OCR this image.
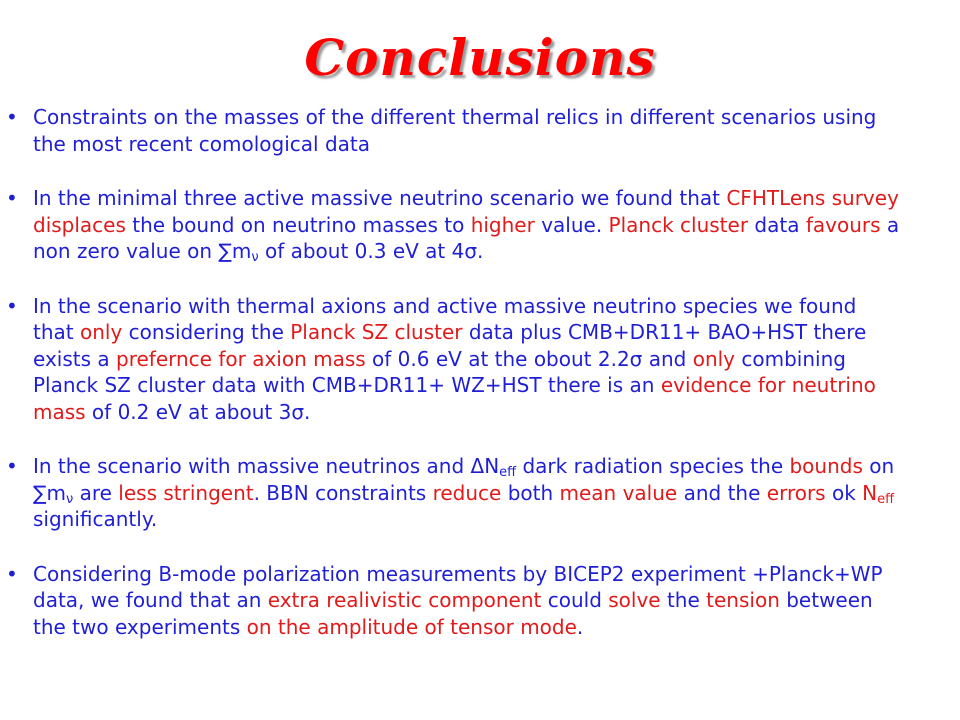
Conclusions
• Constraints on the masses of the different thermal relics in different scenarios using
the most recent comological data
• In the minimal three active massive neutrino scenario we found that CFHTLens survey
displaces the bound on neutrino masses to higher value. Planck cluster data favours a
non zero value on $\sum m_\nu$ of about 0.3 eV at 4σ.
• In the scenario with thermal axions and active massive neutrino species we found
that only considering the Planck SZ cluster data plus CMB+DR11+ BAO+HST there
exists a prefernce for axion mass of 0.6 eV at the obout 2.2σ and only combining
Planck SZ cluster data with CMB+DR11+ WZ+HST there is an evidence for neutrino
mass of 0.2 eV at about 3σ.
• In the scenario with massive neutrinos and $\Delta N_{eff}$ dark radiation species the bounds on
$\sum m_\nu$ are less stringent. BBN constraints reduce both mean value and the errors ok $N_{eff}$
significantly.
• Considering B-mode polarization measurements by BICEP2 experiment +Planck+WP
data, we found that an extra realivistic component could solve the tension between
the two experiments on the amplitude of tensor mode.
